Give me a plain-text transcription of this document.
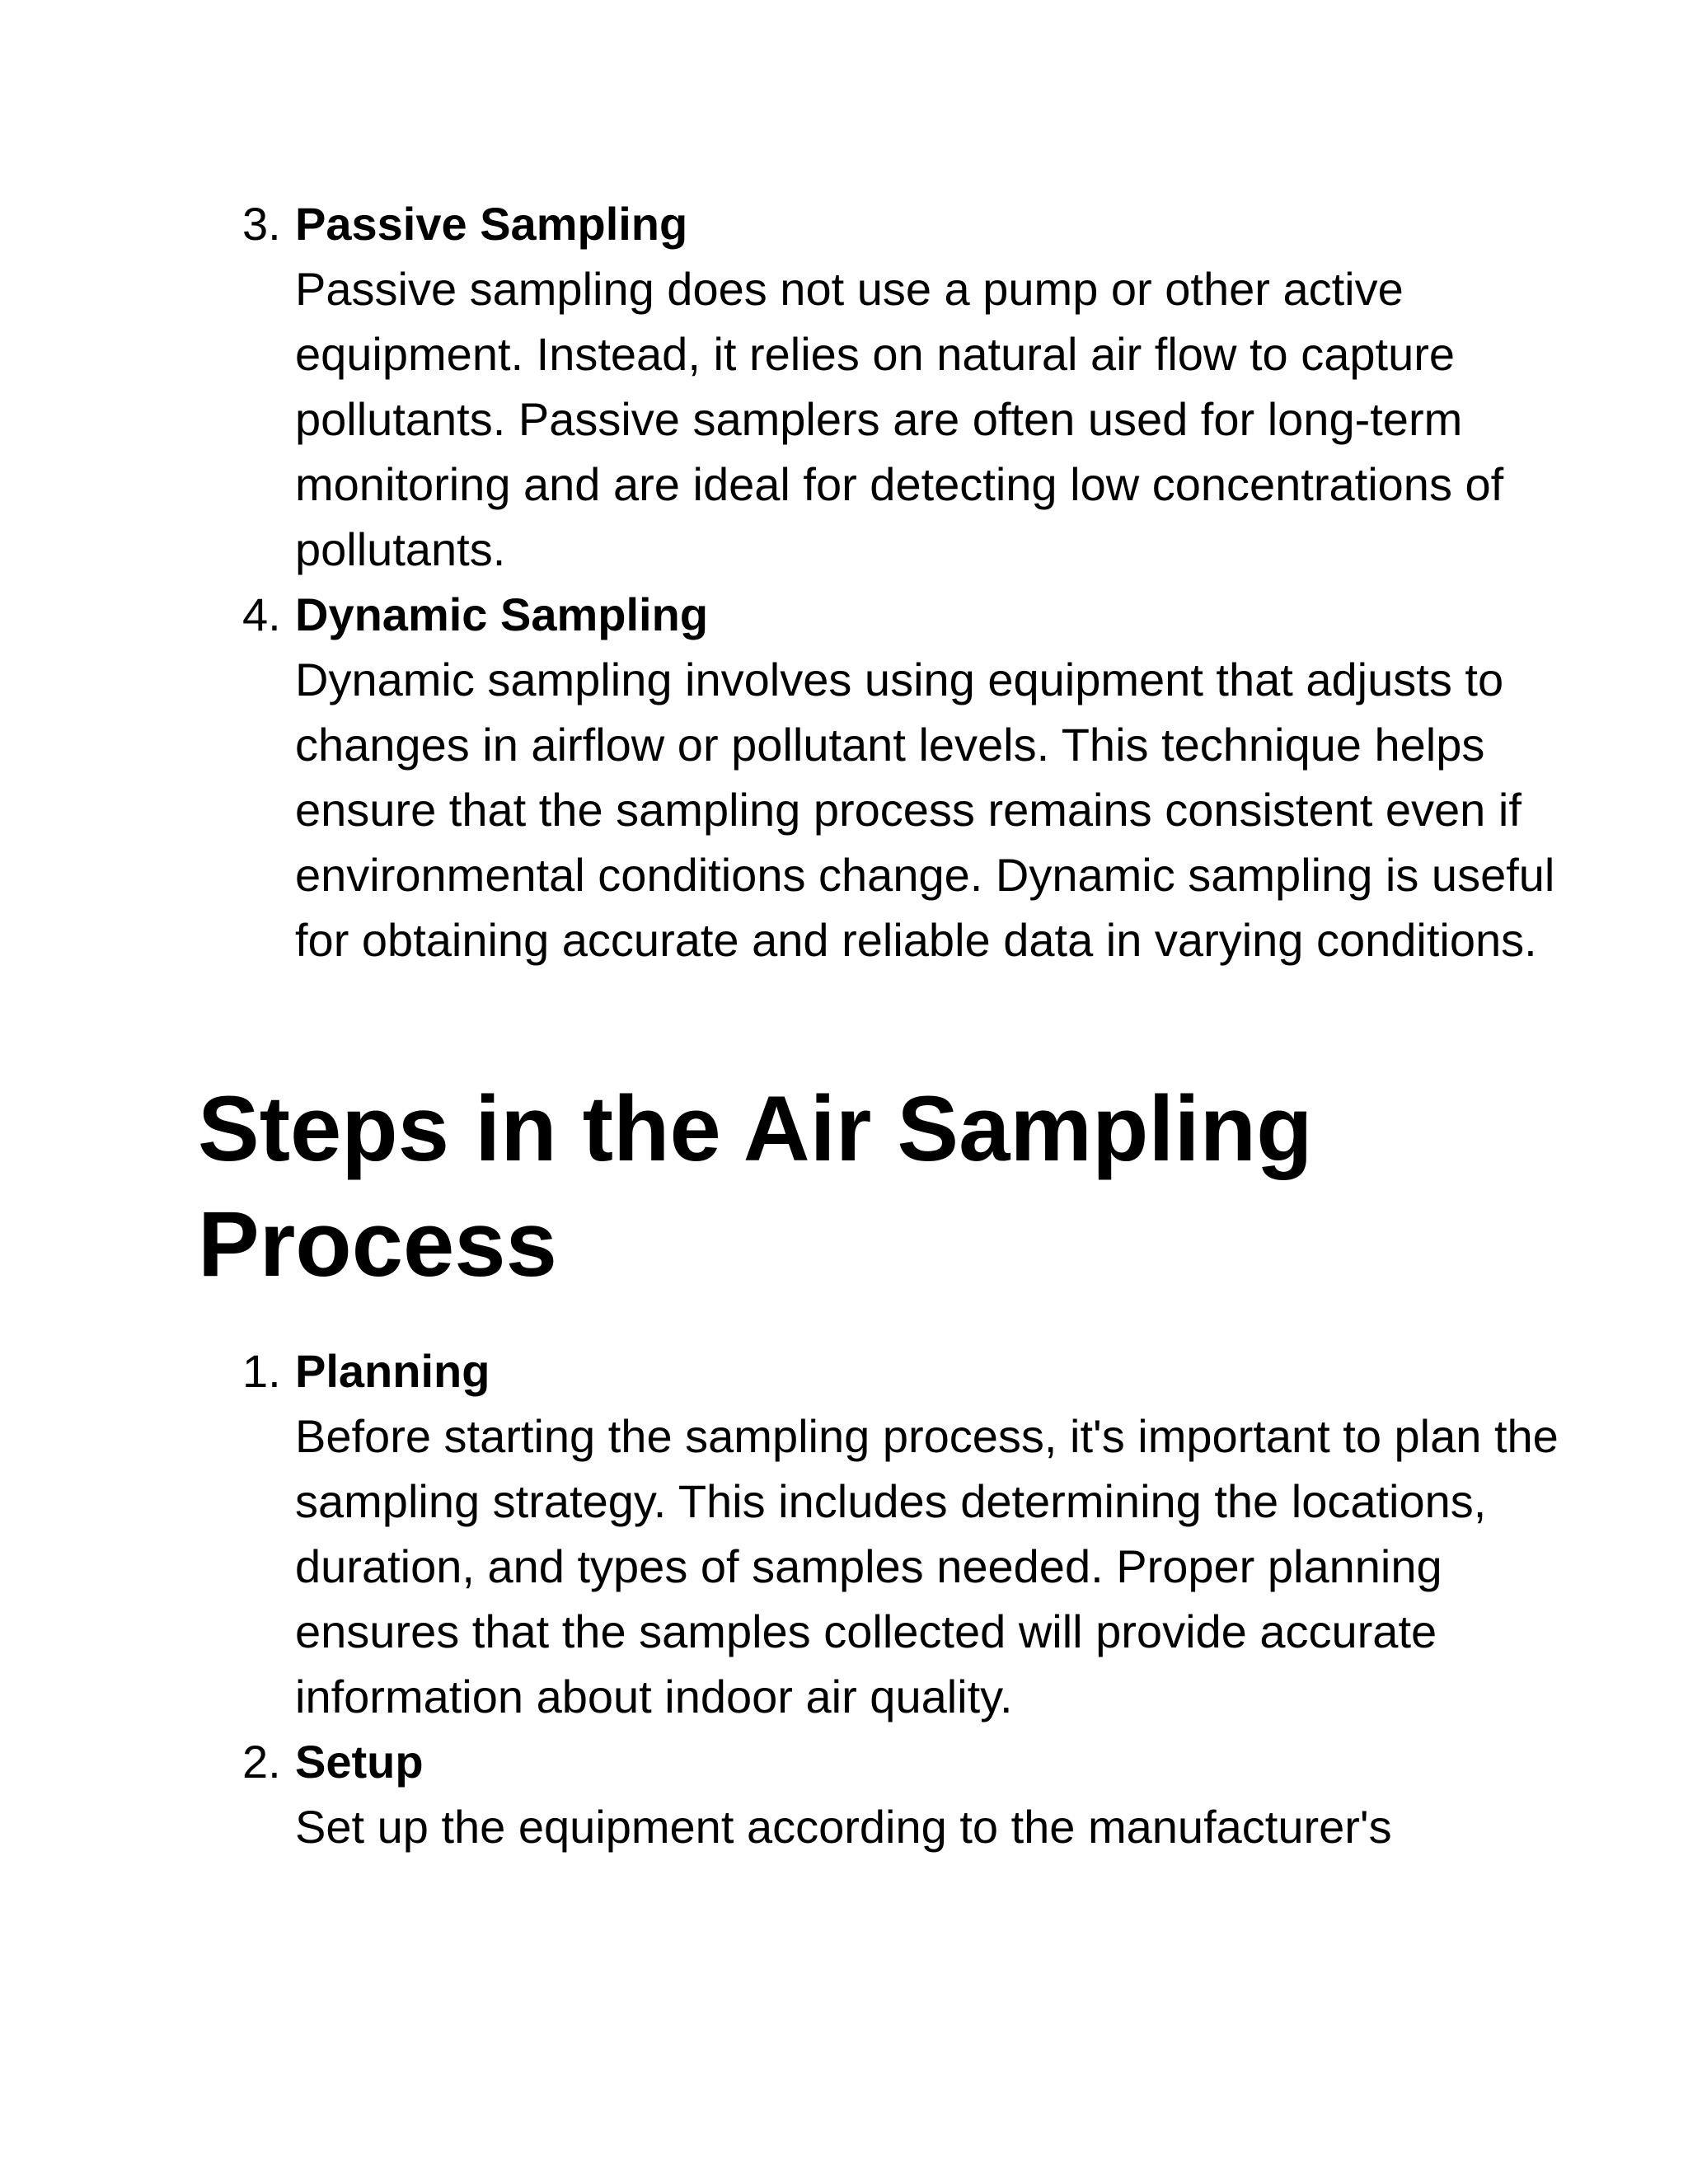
3. Passive Sampling
Passive sampling does not use a pump or other active equipment. Instead, it relies on natural air flow to capture pollutants. Passive samplers are often used for long-term monitoring and are ideal for detecting low concentrations of pollutants.
4. Dynamic Sampling
Dynamic sampling involves using equipment that adjusts to changes in airflow or pollutant levels. This technique helps ensure that the sampling process remains consistent even if environmental conditions change. Dynamic sampling is useful for obtaining accurate and reliable data in varying conditions.
Steps in the Air Sampling Process
1. Planning
Before starting the sampling process, it's important to plan the sampling strategy. This includes determining the locations, duration, and types of samples needed. Proper planning ensures that the samples collected will provide accurate information about indoor air quality.
2. Setup
Set up the equipment according to the manufacturer's
